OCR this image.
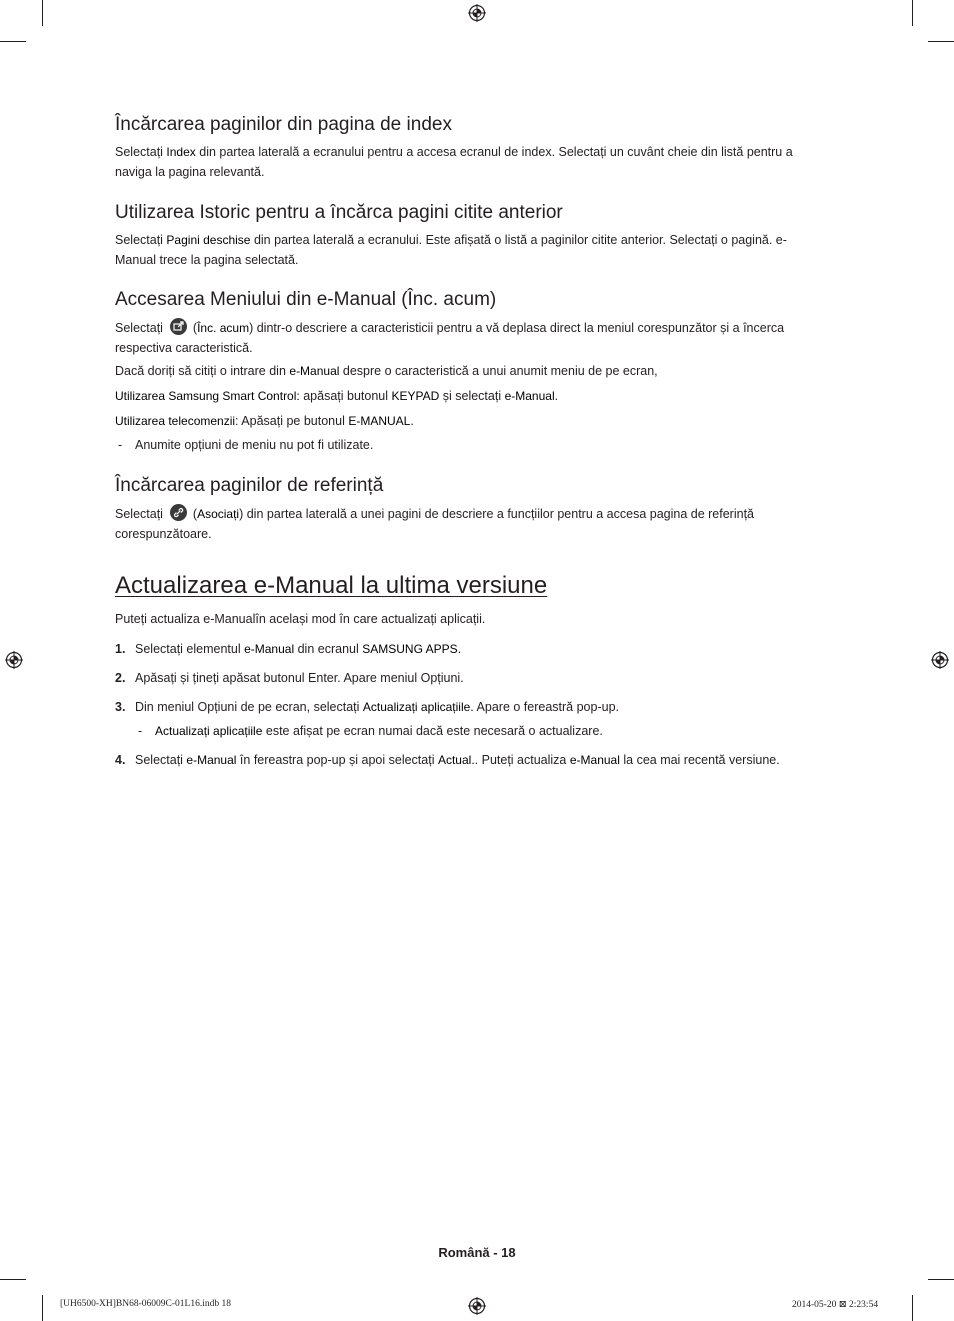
Încărcarea paginilor din pagina de index

Selectați Index din partea laterală a ecranului pentru a accesa ecranul de index. Selectați un cuvânt cheie din listă pentru a naviga la pagina relevantă.

Utilizarea Istoric pentru a încărca pagini citite anterior

Selectați Pagini deschise din partea laterală a ecranului. Este afișată o listă a paginilor citite anterior. Selectați o pagină. e-Manual trece la pagina selectată.

Accesarea Meniului din e-Manual (Înc. acum)

Selectați
(Înc. acum) dintr-o descriere a caracteristicii pentru a vă deplasa direct la meniul corespunzător și a încerca respectiva caracteristică.

Dacă doriți să citiți o intrare din e-Manual despre o caracteristică a unui anumit meniu de pe ecran,

Utilizarea Samsung Smart Control: apăsați butonul KEYPAD și selectați e-Manual.

Utilizarea telecomenzii: Apăsați pe butonul E-MANUAL.

- Anumite opțiuni de meniu nu pot fi utilizate.

Încărcarea paginilor de referință

Selectați
(Asociați) din partea laterală a unei pagini de descriere a funcțiilor pentru a accesa pagina de referință corespunzătoare.

Actualizarea e-Manual la ultima versiune

Puteți actualiza e-Manualîn același mod în care actualizați aplicații.

1. Selectați elementul e-Manual din ecranul SAMSUNG APPS.

2. Apăsați și țineți apăsat butonul Enter. Apare meniul Opțiuni.

3. Din meniul Opțiuni de pe ecran, selectați Actualizați aplicațiile. Apare o fereastră pop-up.

- Actualizați aplicațiile este afișat pe ecran numai dacă este necesară o actualizare.

4. Selectați e-Manual în fereastra pop-up și apoi selectați Actual.. Puteți actualiza e-Manual la cea mai recentă versiune.

Română - 18
[UH6500-XH]BN68-06009C-01L16.indb 18	2014-05-20 ⊠ 2:23:54
